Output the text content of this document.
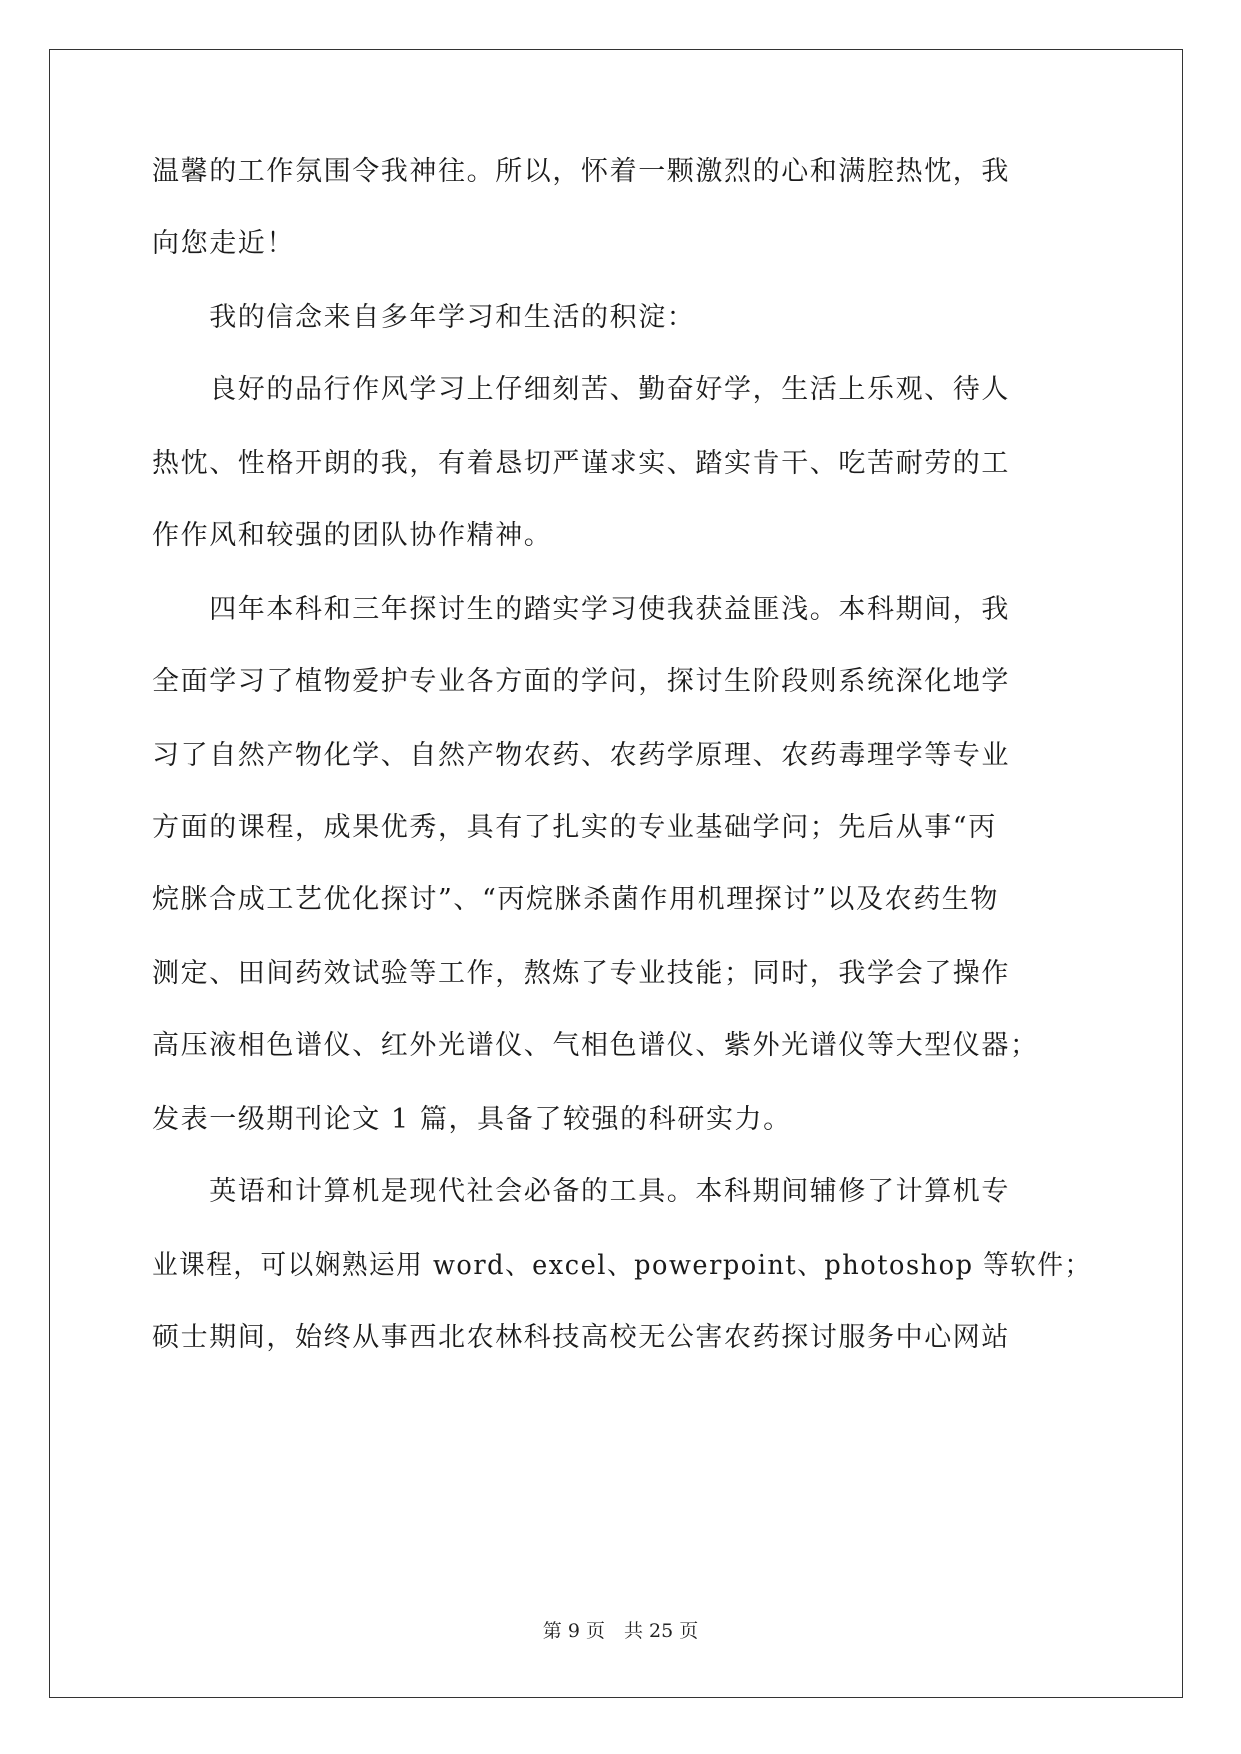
温馨的工作氛围令我神往。所以，怀着一颗激烈的心和满腔热忱，我
向您走近！
　　我的信念来自多年学习和生活的积淀：
　　良好的品行作风学习上仔细刻苦、勤奋好学，生活上乐观、待人
热忱、性格开朗的我，有着恳切严谨求实、踏实肯干、吃苦耐劳的工
作作风和较强的团队协作精神。
　　四年本科和三年探讨生的踏实学习使我获益匪浅。本科期间，我
全面学习了植物爱护专业各方面的学问，探讨生阶段则系统深化地学
习了自然产物化学、自然产物农药、农药学原理、农药毒理学等专业
方面的课程，成果优秀，具有了扎实的专业基础学问；先后从事“丙
烷脒合成工艺优化探讨”、“丙烷脒杀菌作用机理探讨”以及农药生物
测定、田间药效试验等工作，熬炼了专业技能；同时，我学会了操作
高压液相色谱仪、红外光谱仪、气相色谱仪、紫外光谱仪等大型仪器；
发表一级期刊论文 1 篇，具备了较强的科研实力。
　　英语和计算机是现代社会必备的工具。本科期间辅修了计算机专
业课程，可以娴熟运用 word、excel、powerpoint、photoshop 等软件；
硕士期间，始终从事西北农林科技高校无公害农药探讨服务中心网站
第 9 页　共 25 页
